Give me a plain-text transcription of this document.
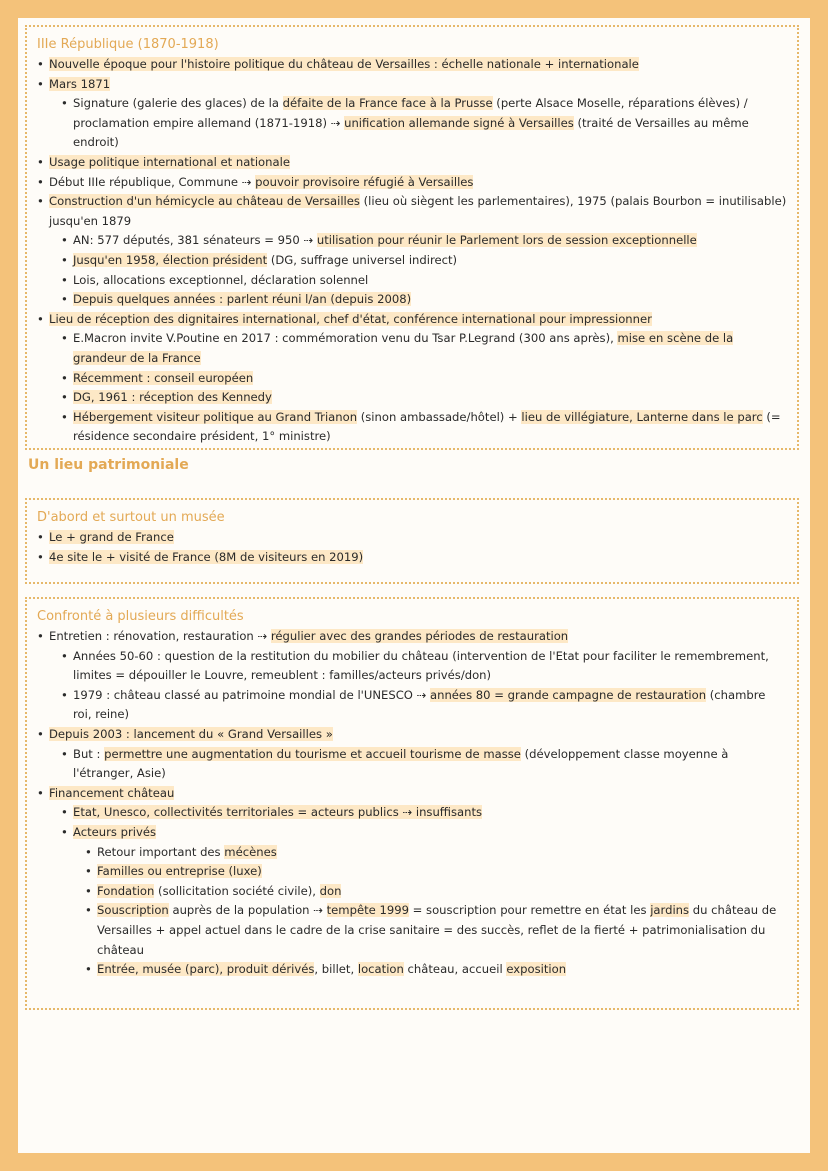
IIIe République (1870-1918)

• Nouvelle époque pour l'histoire politique du château de Versailles : échelle nationale + internationale
• Mars 1871
• Signature (galerie des glaces) de la défaite de la France face à la Prusse (perte Alsace Moselle, réparations élèves) / proclamation empire allemand (1871-1918) ⇢ unification allemande signé à Versailles (traité de Versailles au même endroit)
• Usage politique international et nationale
• Début IIIe république, Commune ⇢ pouvoir provisoire réfugié à Versailles
• Construction d'un hémicycle au château de Versailles (lieu où siègent les parlementaires), 1975 (palais Bourbon = inutilisable) jusqu'en 1879
• AN: 577 députés, 381 sénateurs = 950 ⇢ utilisation pour réunir le Parlement lors de session exceptionnelle
• Jusqu'en 1958, élection président (DG, suffrage universel indirect)
• Lois, allocations exceptionnel, déclaration solennel
• Depuis quelques années : parlent réuni l/an (depuis 2008)
• Lieu de réception des dignitaires international, chef d'état, conférence international pour impressionner
• E.Macron invite V.Poutine en 2017 : commémoration venu du Tsar P.Legrand (300 ans après), mise en scène de la grandeur de la France
• Récemment : conseil européen
• DG, 1961 : réception des Kennedy
• Hébergement visiteur politique au Grand Trianon (sinon ambassade/hôtel) + lieu de villégiature, Lanterne dans le parc (= résidence secondaire président, 1° ministre)
Un lieu patrimoniale

D'abord et surtout un musée

• Le + grand de France
• 4e site le + visité de France (8M de visiteurs en 2019)

Confronté à plusieurs difficultés

• Entretien : rénovation, restauration ⇢ régulier avec des grandes périodes de restauration
• Années 50-60 : question de la restitution du mobilier du château (intervention de l'Etat pour faciliter le remembrement, limites = dépouiller le Louvre, remeublent : familles/acteurs privés/don)
• 1979 : château classé au patrimoine mondial de l'UNESCO ⇢ années 80 = grande campagne de restauration (chambre roi, reine)
• Depuis 2003 : lancement du « Grand Versailles »
• But : permettre une augmentation du tourisme et accueil tourisme de masse (développement classe moyenne à l'étranger, Asie)
• Financement château
• Etat, Unesco, collectivités territoriales = acteurs publics ⇢ insuffisants
• Acteurs privés
• Retour important des mécènes
• Familles ou entreprise (luxe)
• Fondation (sollicitation société civile), don
• Souscription auprès de la population ⇢ tempête 1999 = souscription pour remettre en état les jardins du château de Versailles + appel actuel dans le cadre de la crise sanitaire = des succès, reflet de la fierté + patrimonialisation du château
• Entrée, musée (parc), produit dérivés, billet, location château, accueil exposition
